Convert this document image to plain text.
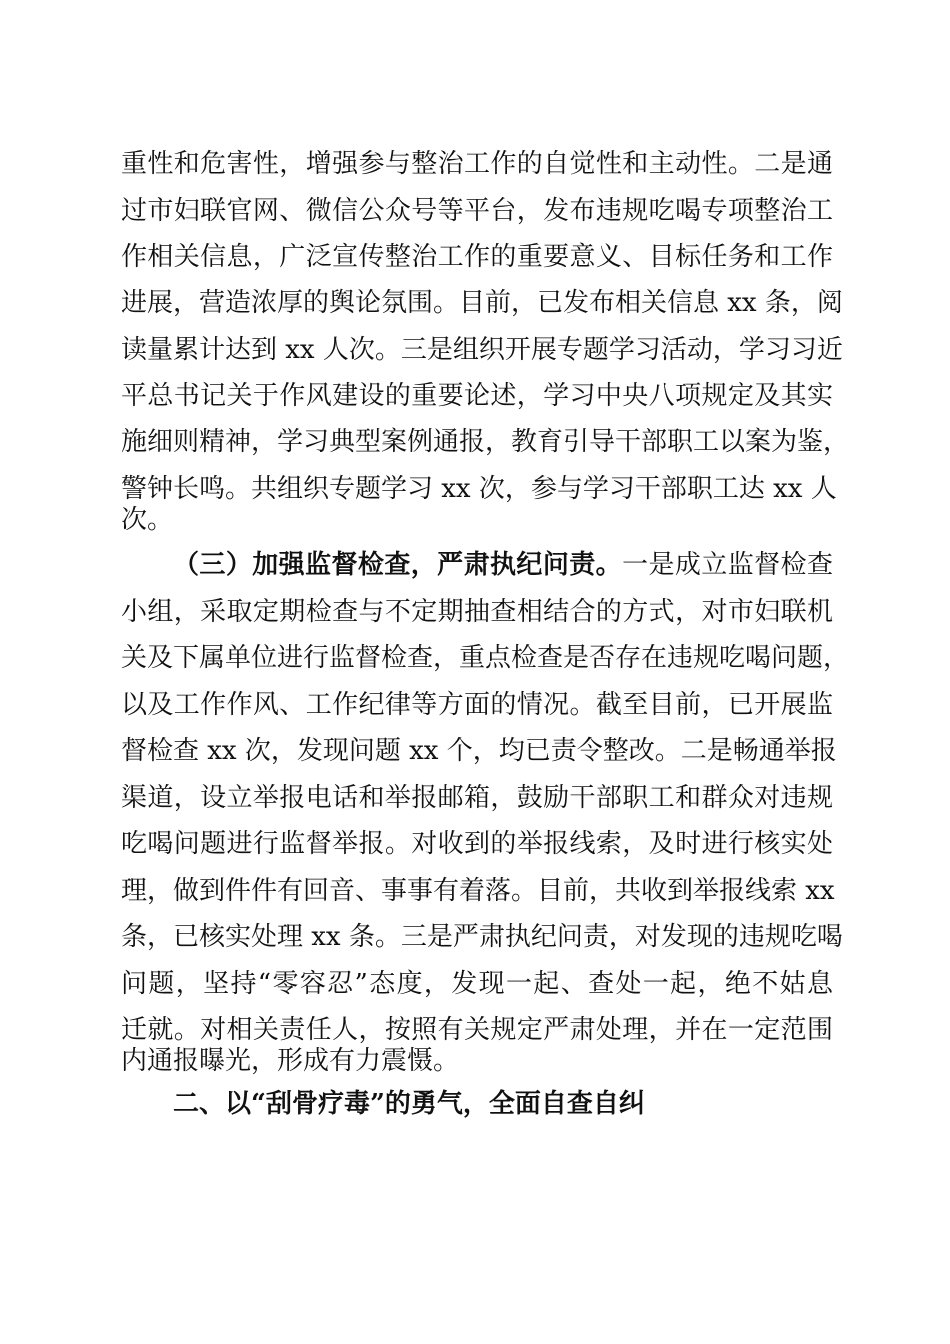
重性和危害性，增强参与整治工作的自觉性和主动性。二是通
过市妇联官网、微信公众号等平台，发布违规吃喝专项整治工
作相关信息，广泛宣传整治工作的重要意义、目标任务和工作
进展，营造浓厚的舆论氛围。目前，已发布相关信息 xx 条，阅
读量累计达到 xx 人次。三是组织开展专题学习活动，学习习近
平总书记关于作风建设的重要论述，学习中央八项规定及其实
施细则精神，学习典型案例通报，教育引导干部职工以案为鉴，
警钟长鸣。共组织专题学习 xx 次，参与学习干部职工达 xx 人
次。
（三）加强监督检查，严肃执纪问责。一是成立监督检查
小组，采取定期检查与不定期抽查相结合的方式，对市妇联机
关及下属单位进行监督检查，重点检查是否存在违规吃喝问题，
以及工作作风、工作纪律等方面的情况。截至目前，已开展监
督检查 xx 次，发现问题 xx 个，均已责令整改。二是畅通举报
渠道，设立举报电话和举报邮箱，鼓励干部职工和群众对违规
吃喝问题进行监督举报。对收到的举报线索，及时进行核实处
理，做到件件有回音、事事有着落。目前，共收到举报线索 xx
条，已核实处理 xx 条。三是严肃执纪问责，对发现的违规吃喝
问题，坚持“零容忍”态度，发现一起、查处一起，绝不姑息
迁就。对相关责任人，按照有关规定严肃处理，并在一定范围
内通报曝光，形成有力震慑。
二、以“刮骨疗毒”的勇气，全面自查自纠
